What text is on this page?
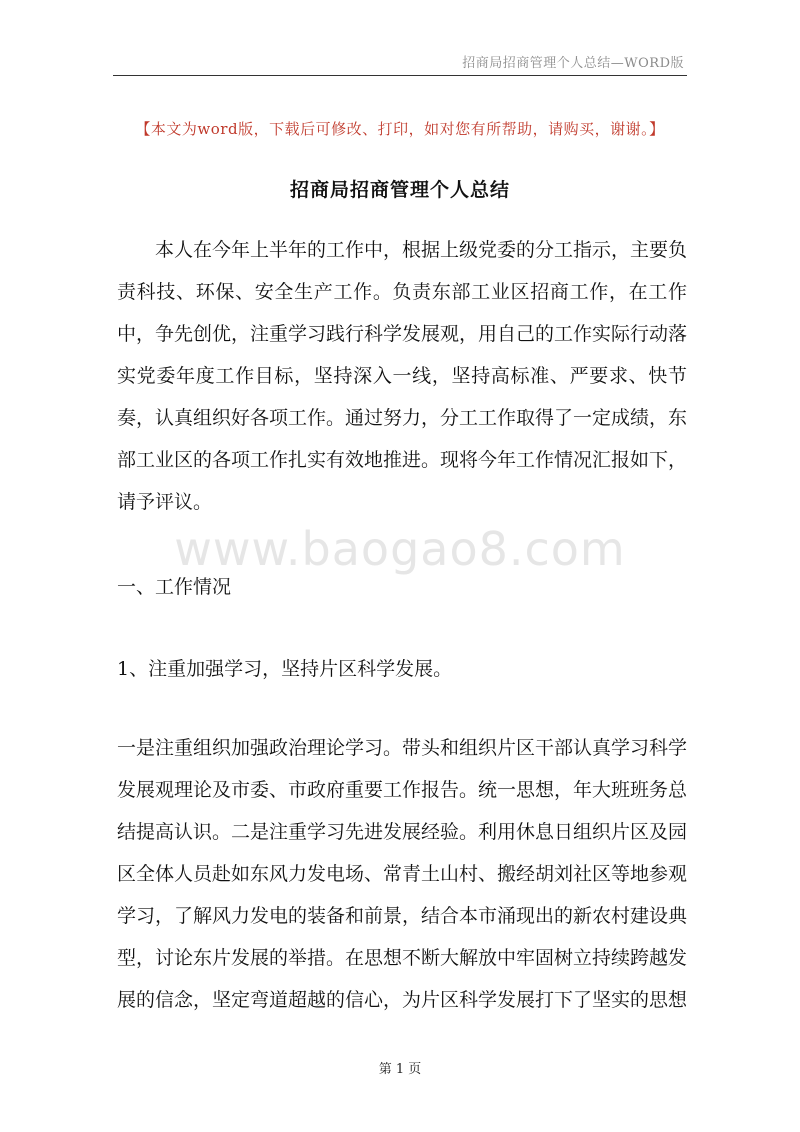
招商局招商管理个人总结—WORD版
【本文为word版，下载后可修改、打印，如对您有所帮助，请购买，谢谢。】
招商局招商管理个人总结

本人在今年上半年的工作中，根据上级党委的分工指示，主要负责科技、环保、安全生产工作。负责东部工业区招商工作，在工作中，争先创优，注重学习践行科学发展观，用自己的工作实际行动落实党委年度工作目标，坚持深入一线，坚持高标准、严要求、快节奏，认真组织好各项工作。通过努力，分工工作取得了一定成绩，东部工业区的各项工作扎实有效地推进。现将今年工作情况汇报如下，请予评议。

www.baogao8.com

一、工作情况

1、注重加强学习，坚持片区科学发展。

一是注重组织加强政治理论学习。带头和组织片区干部认真学习科学发展观理论及市委、市政府重要工作报告。统一思想，年大班班务总结提高认识。二是注重学习先进发展经验。利用休息日组织片区及园区全体人员赴如东风力发电场、常青土山村、搬经胡刘社区等地参观学习，了解风力发电的装备和前景，结合本市涌现出的新农村建设典型，讨论东片发展的举措。在思想不断大解放中牢固树立持续跨越发展的信念，坚定弯道超越的信心，为片区科学发展打下了坚实的思想

第 1 页
